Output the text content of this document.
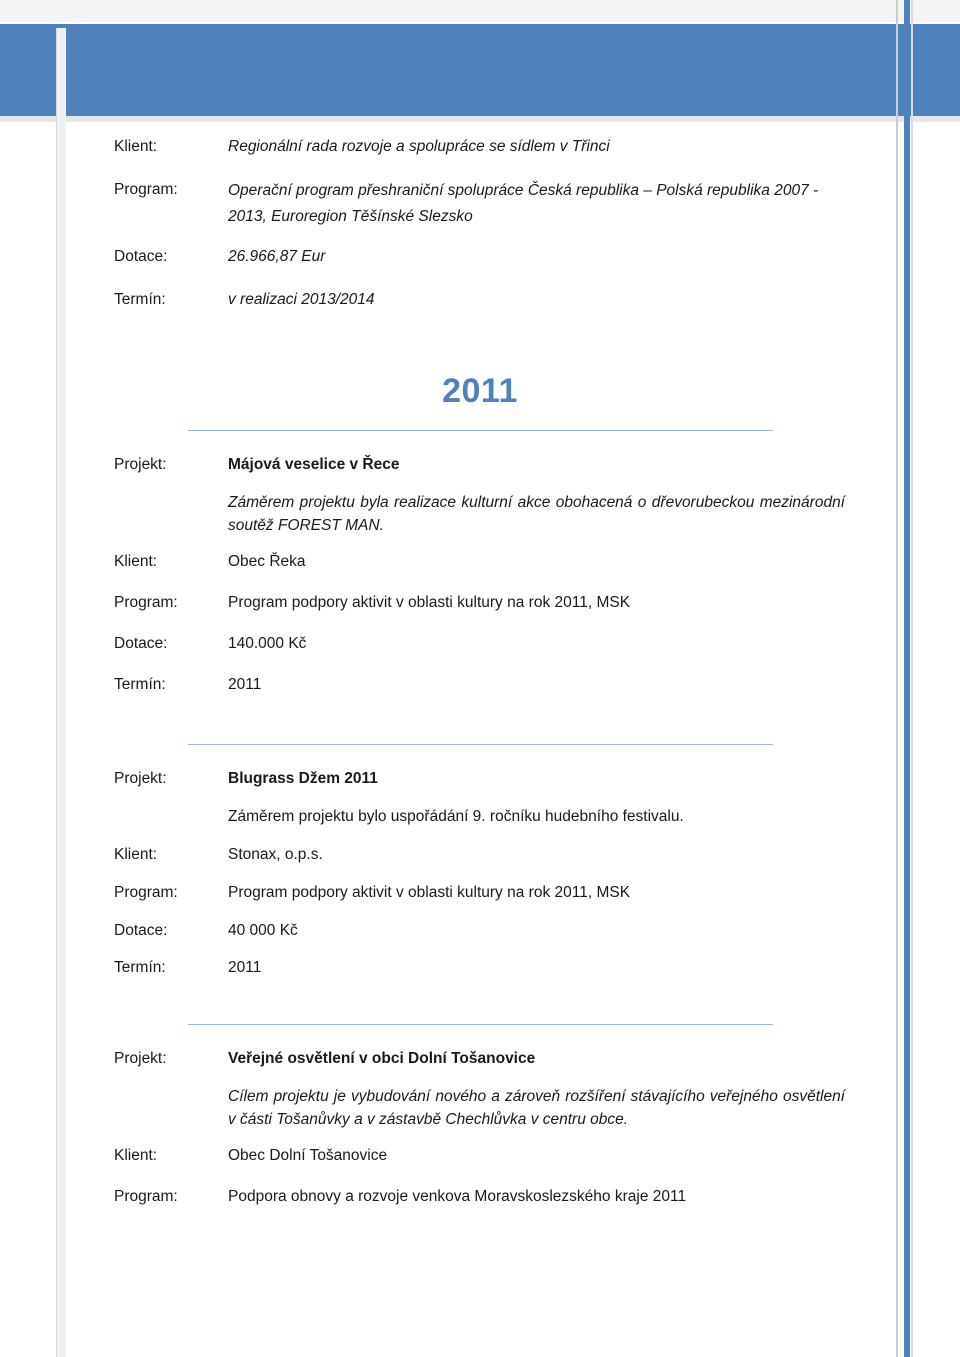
Klient:	Regionální rada rozvoje a spolupráce se sídlem v Třinci
Program:	Operační program přeshraniční spolupráce Česká republika – Polská republika 2007 - 2013, Euroregion Těšínské Slezsko
Dotace:	26.966,87 Eur
Termín:	v realizaci 2013/2014
2011
Projekt:	Májová veselice v Řece
Záměrem projektu byla realizace kulturní akce obohacená o dřevorubeckou mezinárodní soutěž FOREST MAN.
Klient:	Obec Řeka
Program:	Program podpory aktivit v oblasti kultury na rok 2011, MSK
Dotace:	140.000 Kč
Termín:	2011
Projekt:	Blugrass Džem 2011
Záměrem projektu bylo uspořádání 9. ročníku hudebního festivalu.
Klient:	Stonax, o.p.s.
Program:	Program podpory aktivit v oblasti kultury na rok 2011, MSK
Dotace:	40 000 Kč
Termín:	2011
Projekt:	Veřejné osvětlení v obci Dolní Tošanovice
Cílem projektu je vybudování nového a zároveň rozšíření stávajícího veřejného osvětlení v části Tošanůvky a v zástavbě Chechlůvka v centru obce.
Klient:	Obec Dolní Tošanovice
Program:	Podpora obnovy a rozvoje venkova Moravskoslezského kraje 2011
